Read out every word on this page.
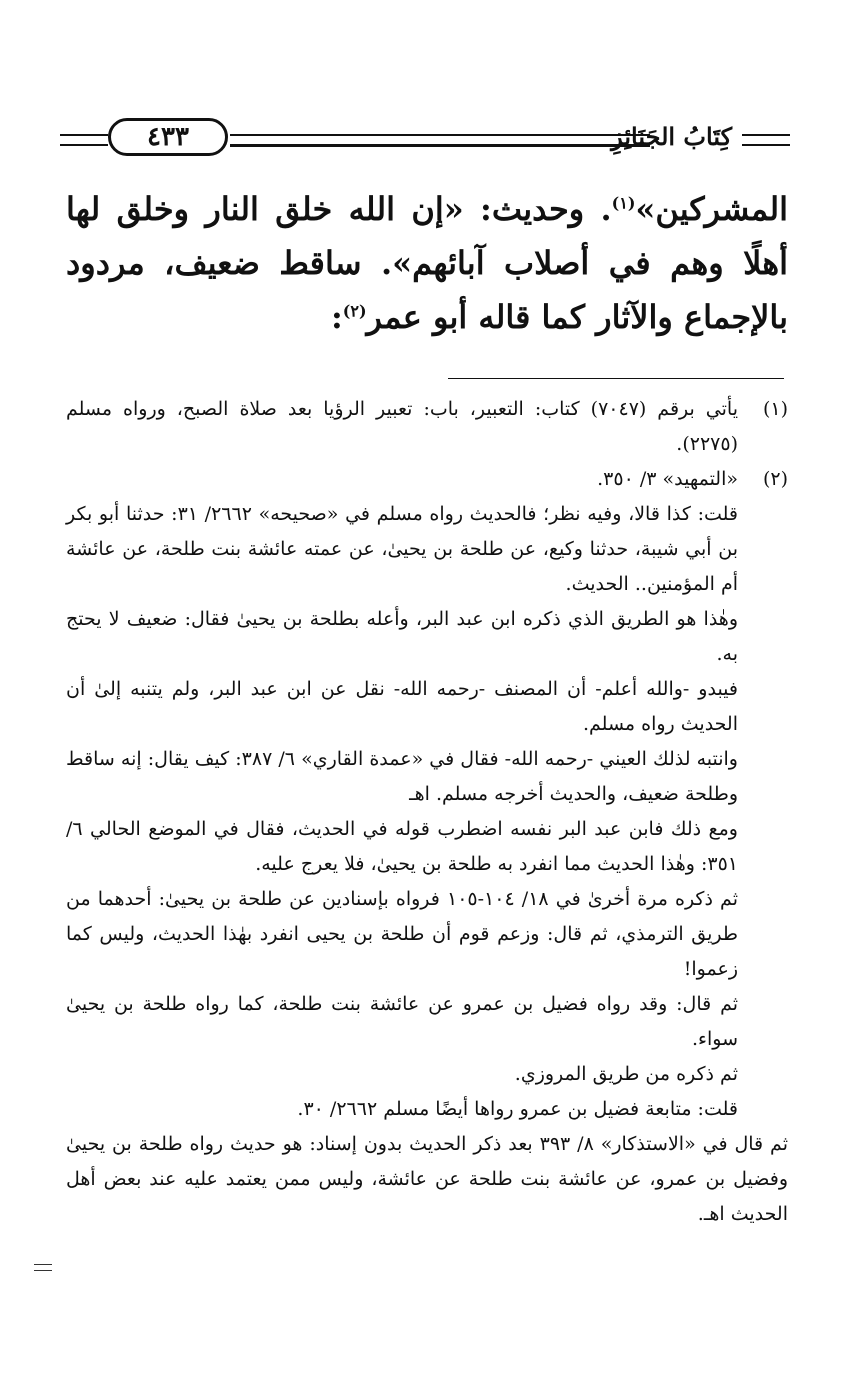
كِتَابُ الجَنَائِزِ
٤٣٣

المشركين»$^{(١)}$. وحديث: «إن الله خلق النار وخلق لها أهلًا وهم في أصلاب آبائهم». ساقط ضعيف، مردود بالإجماع والآثار كما قاله أبو عمر$^{(٢)}$:

(١)

يأتي برقم (٧٠٤٧) كتاب: التعبير، باب: تعبير الرؤيا بعد صلاة الصبح، ورواه مسلم (٢٢٧٥).

(٢)

«التمهيد» ٣/ ٣٥٠.

قلت: كذا قالا، وفيه نظر؛ فالحديث رواه مسلم في «صحيحه» ٢٦٦٢/ ٣١: حدثنا أبو بكر بن أبي شيبة، حدثنا وكيع، عن طلحة بن يحيىٰ، عن عمته عائشة بنت طلحة، عن عائشة أم المؤمنين.. الحديث.

وهٰذا هو الطريق الذي ذكره ابن عبد البر، وأعله بطلحة بن يحيىٰ فقال: ضعيف لا يحتج به.

فيبدو -والله أعلم- أن المصنف -رحمه الله- نقل عن ابن عبد البر، ولم يتنبه إلىٰ أن الحديث رواه مسلم.

وانتبه لذلك العيني -رحمه الله- فقال في «عمدة القاري» ٦/ ٣٨٧: كيف يقال: إنه ساقط وطلحة ضعيف، والحديث أخرجه مسلم. اهـ

ومع ذلك فابن عبد البر نفسه اضطرب قوله في الحديث، فقال في الموضع الحالي ٦/ ٣٥١: وهٰذا الحديث مما انفرد به طلحة بن يحيىٰ، فلا يعرج عليه.

ثم ذكره مرة أخرىٰ في ١٨/ ١٠٤-١٠٥ فرواه بإسنادين عن طلحة بن يحيىٰ: أحدهما من طريق الترمذي، ثم قال: وزعم قوم أن طلحة بن يحيى انفرد بهٰذا الحديث، وليس كما زعموا!

ثم قال: وقد رواه فضيل بن عمرو عن عائشة بنت طلحة، كما رواه طلحة بن يحيىٰ سواء.

ثم ذكره من طريق المروزي.

قلت: متابعة فضيل بن عمرو رواها أيضًا مسلم ٢٦٦٢/ ٣٠.

ثم قال في «الاستذكار» ٨/ ٣٩٣ بعد ذكر الحديث بدون إسناد: هو حديث رواه طلحة بن يحيىٰ وفضيل بن عمرو، عن عائشة بنت طلحة عن عائشة، وليس ممن يعتمد عليه عند بعض أهل الحديث اهـ.
